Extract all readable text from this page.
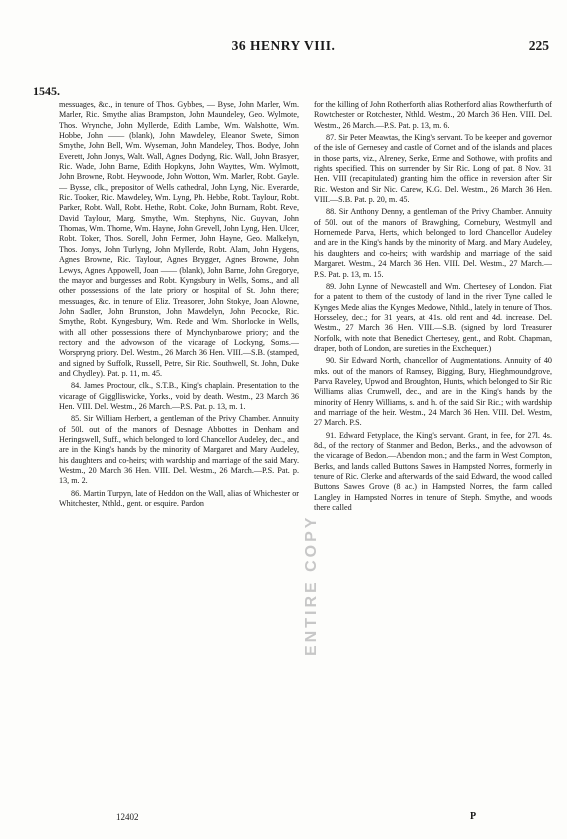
36 HENRY VIII.	225
1545.

messuages, &c., in tenure of Thos. Gybbes, — Byse, John Marler, Wm. Marler, Ric. Smythe alias Brampston, John Maundeley, Geo. Wylmote, Thos. Wrynche, John Myllerde, Edith Lambe, Wm. Walshotte, Wm. Hobbe, John —— (blank), John Mawdeley, Eleanor Swete, Simon Smythe, John Bell, Wm. Wyseman, John Mandeley, Thos. Bodye, John Everett, John Jonys, Walt. Wall, Agnes Dodyng, Ric. Wall, John Brasyer, Ric. Wade, John Barne, Edith Hopkyns, John Wayttes, Wm. Wylmott, John Browne, Robt. Heywoode, John Wotton, Wm. Marler, Robt. Gayle. — Bysse, clk., prepositor of Wells cathedral, John Lyng, Nic. Everarde, Ric. Tooker, Ric. Mawdeley, Wm. Lyng, Ph. Hebbe, Robt. Taylour, Robt. Parker, Robt. Wall, Robt. Hethe, Robt. Coke, John Burnam, Robt. Reve, David Taylour, Marg. Smythe, Wm. Stephyns, Nic. Guyvan, John Thomas, Wm. Thorne, Wm. Hayne, John Grevell, John Lyng, Hen. Ulcer, Robt. Toker, Thos. Sorell, John Fermer, John Hayne, Geo. Malkelyn, Thos. Jonys, John Turlyng, John Myllerde, Robt. Alam, John Hygens, Agnes Browne, Ric. Taylour, Agnes Brygger, Agnes Browne, John Lewys, Agnes Appowell, Joan —— (blank), John Barne, John Gregorye, the mayor and burgesses and Robt. Kyngsbury in Wells, Soms., and all other possessions of the late priory or hospital of St. John there; messuages, &c. in tenure of Eliz. Treasorer, John Stokye, Joan Alowne, John Sadler, John Brunston, John Mawdelyn, John Pecocke, Ric. Smythe, Robt. Kyngesbury, Wm. Rede and Wm. Shorlocke in Wells, with all other possessions there of Mynchynbarowe priory; and the rectory and the advowson of the vicarage of Lockyng, Soms.—Worspryng priory. Del. Westm., 26 March 36 Hen. VIII.—S.B. (stamped, and signed by Suffolk, Russell, Petre, Sir Ric. Southwell, St. John, Duke and Chydley). Pat. p. 11, m. 45.

84. James Proctour, clk., S.T.B., King's chaplain. Presentation to the vicarage of Gigglliswicke, Yorks., void by death. Westm., 23 March 36 Hen. VIII. Del. Westm., 26 March.—P.S. Pat. p. 13, m. 1.

85. Sir William Herbert, a gentleman of the Privy Chamber. Annuity of 50l. out of the manors of Desnage Abbottes in Denham and Heringswell, Suff., which belonged to lord Chancellor Audeley, dec., and are in the King's hands by the minority of Margaret and Mary Audeley, his daughters and co-heirs; with wardship and marriage of the said Mary. Westm., 20 March 36 Hen. VIII. Del. Westm., 26 March.—P.S. Pat. p. 13, m. 2.

86. Martin Turpyn, late of Heddon on the Wall, alias of Whichester or Whitchester, Nthld., gent. or esquire. Pardon

ENTIRE COPY

for the killing of John Rotherforth alias Rotherford alias Rowtherfurth of Rowtchester or Rotchester, Nthld. Westm., 20 March 36 Hen. VIII. Del. Westm., 26 March.—P.S. Pat. p. 13, m. 6.

87. Sir Peter Meawtas, the King's servant. To be keeper and governor of the isle of Gernesey and castle of Cornet and of the islands and places in those parts, viz., Alreney, Serke, Erme and Sothowe, with profits and rights specified. This on surrender by Sir Ric. Long of pat. 8 Nov. 31 Hen. VIII (recapitulated) granting him the office in reversion after Sir Ric. Weston and Sir Nic. Carew, K.G. Del. Westm., 26 March 36 Hen. VIII.—S.B. Pat. p. 20, m. 45.

88. Sir Anthony Denny, a gentleman of the Privy Chamber. Annuity of 50l. out of the manors of Brawghing, Cornebury, Westmyll and Hornemede Parva, Herts, which belonged to lord Chancellor Audeley and are in the King's hands by the minority of Marg. and Mary Audeley, his daughters and co-heirs; with wardship and marriage of the said Margaret. Westm., 24 March 36 Hen. VIII. Del. Westm., 27 March.—P.S. Pat. p. 13, m. 15.

89. John Lynne of Newcastell and Wm. Chertesey of London. Fiat for a patent to them of the custody of land in the river Tyne called le Kynges Mede alias the Kynges Medowe, Nthld., lately in tenure of Thos. Horsseley, dec.; for 31 years, at 41s. old rent and 4d. increase. Del. Westm., 27 March 36 Hen. VIII.—S.B. (signed by lord Treasurer Norfolk, with note that Benedict Chertesey, gent., and Robt. Chapman, draper, both of London, are sureties in the Exchequer.)

90. Sir Edward North, chancellor of Augmentations. Annuity of 40 mks. out of the manors of Ramsey, Bigging, Bury, Hieghmoundgrove, Parva Raveley, Upwod and Broughton, Hunts, which belonged to Sir Ric Williams alias Crumwell, dec., and are in the King's hands by the minority of Henry Williams, s. and h. of the said Sir Ric.; with wardship and marriage of the heir. Westm., 24 March 36 Hen. VIII. Del. Westm, 27 March. P.S.

91. Edward Fetyplace, the King's servant. Grant, in fee, for 27l. 4s. 8d., of the rectory of Stanmer and Bedon, Berks., and the advowson of the vicarage of Bedon.—Abendon mon.; and the farm in West Compton, Berks, and lands called Buttons Sawes in Hampsted Norres, formerly in tenure of Ric. Clerke and afterwards of the said Edward, the wood called Buttons Sawes Grove (8 ac.) in Hampsted Norres, the farm called Langley in Hampsted Norres in tenure of Steph. Smythe, and woods there called

12402	P
